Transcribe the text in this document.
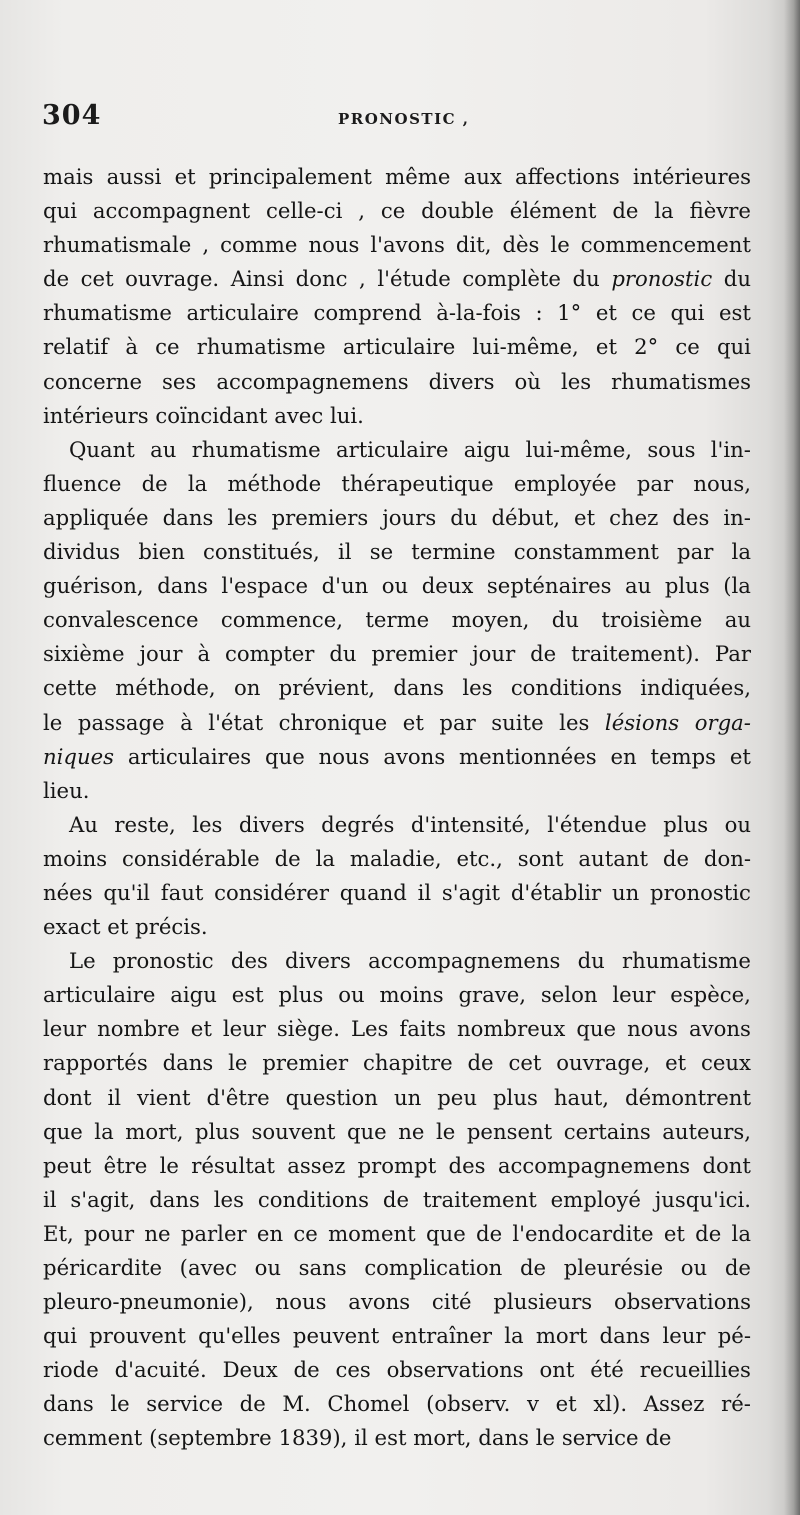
304	PRONOSTIC ,
mais aussi et principalement même aux affections intérieures
qui accompagnent celle-ci , ce double élément de la fièvre
rhumatismale , comme nous l'avons dit, dès le commencement
de cet ouvrage. Ainsi donc , l'étude complète du pronostic du
rhumatisme articulaire comprend à-la-fois : 1° et ce qui est
relatif à ce rhumatisme articulaire lui-même, et 2° ce qui
concerne ses accompagnemens divers où les rhumatismes
intérieurs coïncidant avec lui.
Quant au rhumatisme articulaire aigu lui-même, sous l'in-
fluence de la méthode thérapeutique employée par nous,
appliquée dans les premiers jours du début, et chez des in-
dividus bien constitués, il se termine constamment par la
guérison, dans l'espace d'un ou deux septénaires au plus (la
convalescence commence, terme moyen, du troisième au
sixième jour à compter du premier jour de traitement). Par
cette méthode, on prévient, dans les conditions indiquées,
le passage à l'état chronique et par suite les lésions orga-
niques articulaires que nous avons mentionnées en temps et
lieu.
Au reste, les divers degrés d'intensité, l'étendue plus ou
moins considérable de la maladie, etc., sont autant de don-
nées qu'il faut considérer quand il s'agit d'établir un pronostic
exact et précis.
Le pronostic des divers accompagnemens du rhumatisme
articulaire aigu est plus ou moins grave, selon leur espèce,
leur nombre et leur siège. Les faits nombreux que nous avons
rapportés dans le premier chapitre de cet ouvrage, et ceux
dont il vient d'être question un peu plus haut, démontrent
que la mort, plus souvent que ne le pensent certains auteurs,
peut être le résultat assez prompt des accompagnemens dont
il s'agit, dans les conditions de traitement employé jusqu'ici.
Et, pour ne parler en ce moment que de l'endocardite et de la
péricardite (avec ou sans complication de pleurésie ou de
pleuro-pneumonie), nous avons cité plusieurs observations
qui prouvent qu'elles peuvent entraîner la mort dans leur pé-
riode d'acuité. Deux de ces observations ont été recueillies
dans le service de M. Chomel (observ. v et xl). Assez ré-
cemment (septembre 1839), il est mort, dans le service de
